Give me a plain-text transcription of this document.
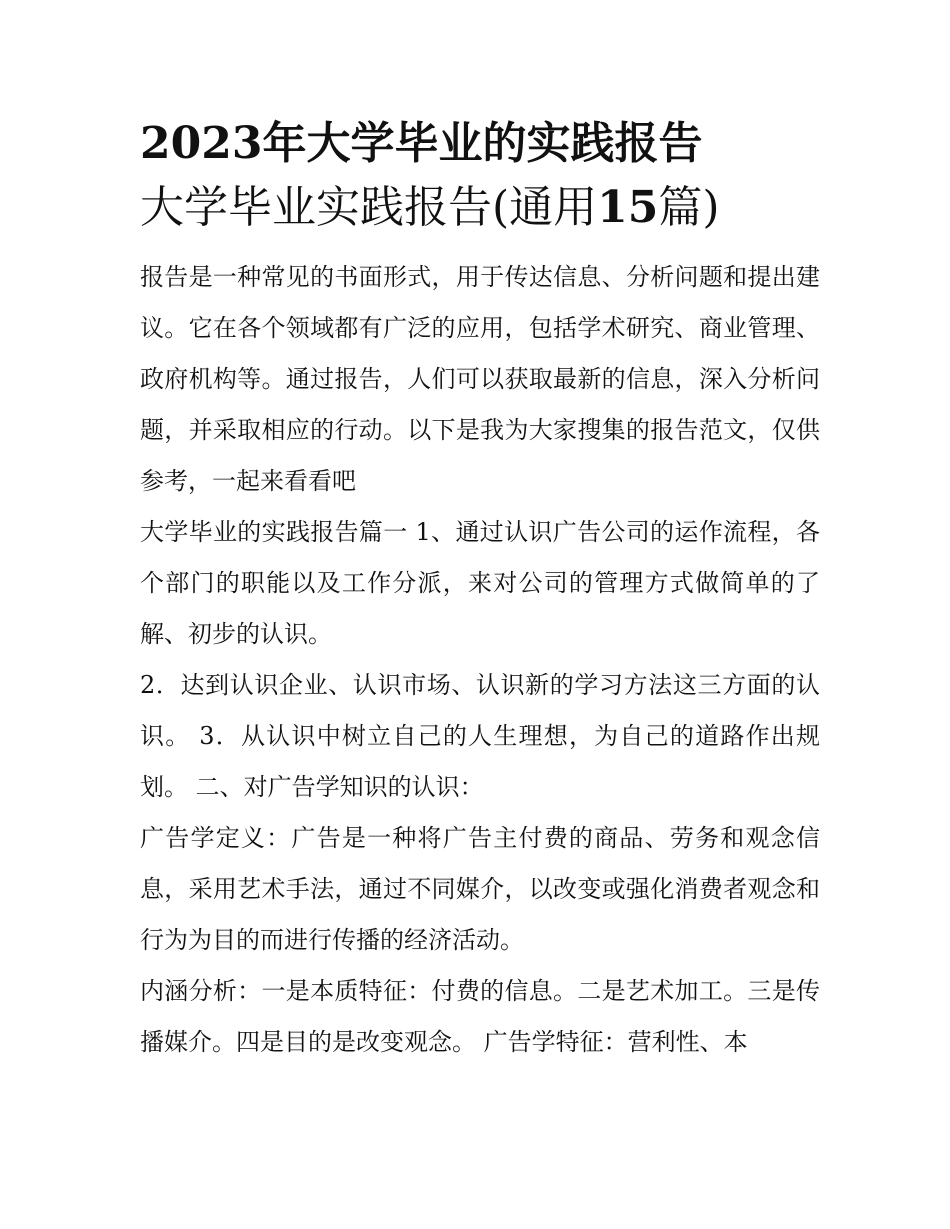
2023年大学毕业的实践报告
大学毕业实践报告(通用15篇)

报告是一种常见的书面形式，用于传达信息、分析问题和提出建议。它在各个领域都有广泛的应用，包括学术研究、商业管理、政府机构等。通过报告，人们可以获取最新的信息，深入分析问题，并采取相应的行动。以下是我为大家搜集的报告范文，仅供参考，一起来看看吧

大学毕业的实践报告篇一 1、通过认识广告公司的运作流程，各个部门的职能以及工作分派，来对公司的管理方式做简单的了解、初步的认识。

2．达到认识企业、认识市场、认识新的学习方法这三方面的认识。 3．从认识中树立自己的人生理想，为自己的道路作出规划。 二、对广告学知识的认识：

广告学定义：广告是一种将广告主付费的商品、劳务和观念信息，采用艺术手法，通过不同媒介，以改变或强化消费者观念和行为为目的而进行传播的经济活动。

内涵分析：一是本质特征：付费的信息。二是艺术加工。三是传播媒介。四是目的是改变观念。 广告学特征：营利性、本
